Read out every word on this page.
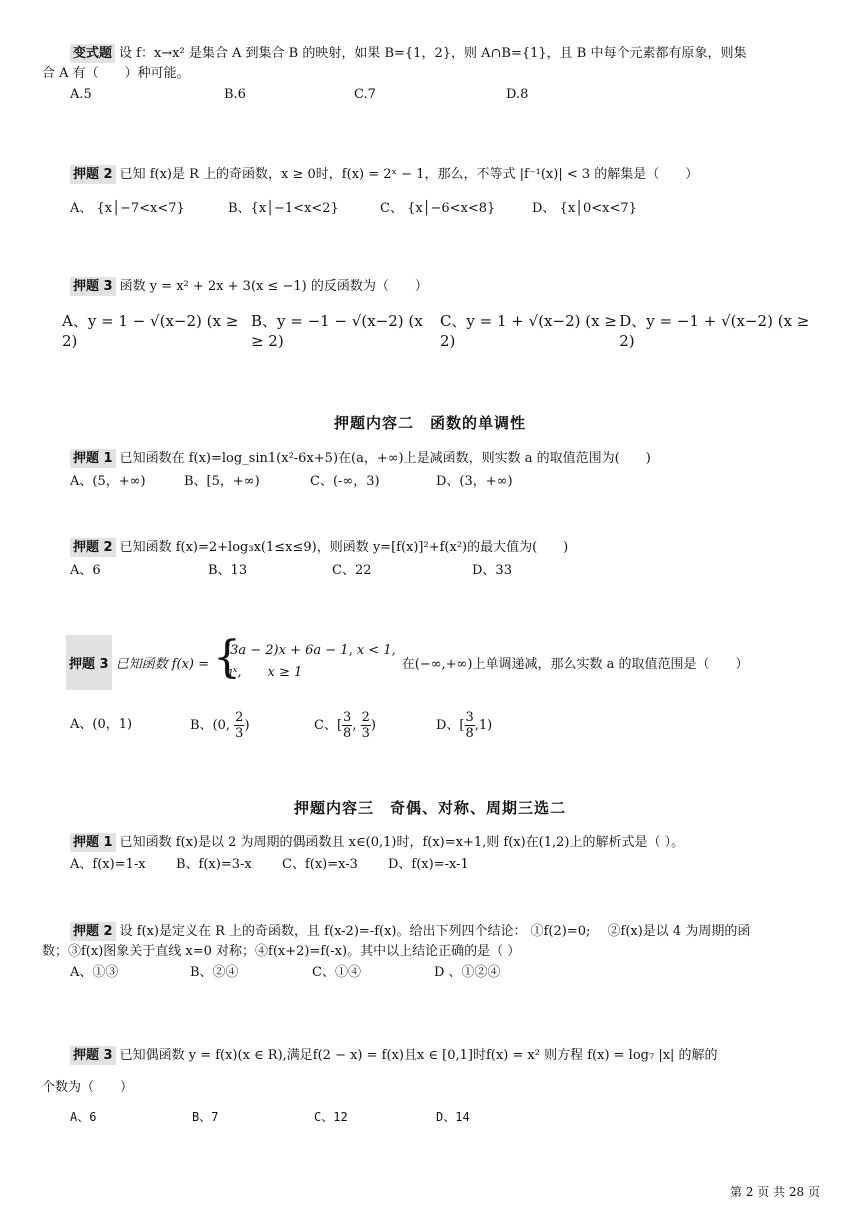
变式题 设 f：x→x² 是集合 A 到集合 B 的映射，如果 B={1，2}，则 A∩B={1}，且 B 中每个元素都有原象，则集
合 A 有（　　）种可能。
A.5	B.6	C.7	D.8
押题 2 已知 f(x)是 R 上的奇函数，x ≥ 0时，f(x) = 2ˣ − 1，那么，不等式 |f⁻¹(x)| < 3 的解集是（　　）
A、 {x│−7<x<7}	B、{x│−1<x<2}	C、 {x│−6<x<8}	D、 {x│0<x<7}
押题 3 函数 y = x² + 2x + 3(x ≤ −1) 的反函数为（　　）
A、y = 1 − √(x−2) (x ≥ 2)
B、y = −1 − √(x−2) (x ≥ 2)
C、y = 1 + √(x−2) (x ≥ 2)
D、y = −1 + √(x−2) (x ≥ 2)
押题内容二　函数的单调性
押题 1 已知函数在 f(x)=log_sin1(x²-6x+5)在(a，+∞)上是减函数，则实数 a 的取值范围为(　　)
A、(5，+∞)	B、[5，+∞)	C、(-∞，3)	D、(3，+∞)
押题 2 已知函数 f(x)=2+log₃x(1≤x≤9)，则函数 y=[f(x)]²+f(x²)的最大值为(　　)
A、6	B、13	C、22	D、33
押题 3 已知函数 f(x) = {
(3a − 2)x + 6a − 1, x < 1,
aˣ,　　x ≥ 1
在(−∞,+∞)上单调递减，那么实数 a 的取值范围是（　　）
A、(0，1)	B、(0, $\frac{2}{3}$ )	C、[ $\frac{3}{8}$ , $\frac{2}{3}$ )	D、[ $\frac{3}{8} ,1$)
押题内容三　奇偶、对称、周期三选二
押题 1 已知函数 f(x)是以 2 为周期的偶函数且 x∈(0,1)时，f(x)=x+1,则 f(x)在(1,2)上的解析式是（ ）。
A、f(x)=1-x	B、f(x)=3-x	C、f(x)=x-3	D、f(x)=-x-1
押题 2 设 f(x)是定义在 R 上的奇函数，且 f(x-2)=-f(x)。给出下列四个结论： ①f(2)=0;　 ②f(x)是以 4 为周期的函
数；③f(x)图象关于直线 x=0 对称；④f(x+2)=f(-x)。其中以上结论正确的是（ ）
A、①③	B、②④	C、①④	D 、①②④
押题 3 已知偶函数 y = f(x)(x ∈ R),满足f(2 − x) = f(x)且x ∈ [0,1]时f(x) = x² 则方程 f(x) = log₇ |x| 的解的
个数为（　　）
A、6	B、7	C、12	D、14
第 2 页 共 28 页
